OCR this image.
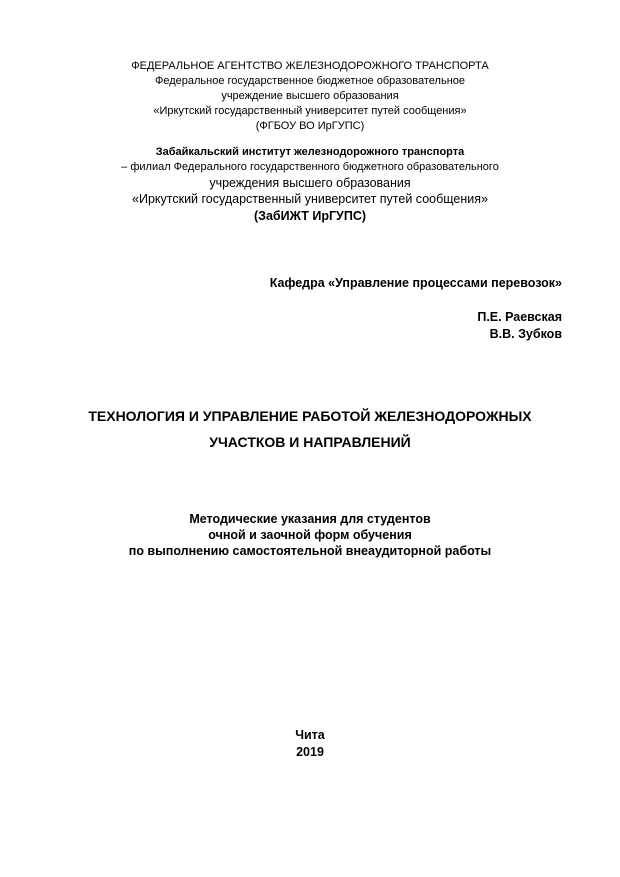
ФЕДЕРАЛЬНОЕ АГЕНТСТВО ЖЕЛЕЗНОДОРОЖНОГО ТРАНСПОРТА
Федеральное государственное бюджетное образовательное
учреждение высшего образования
«Иркутский государственный университет путей сообщения»
(ФГБОУ ВО ИрГУПС)
Забайкальский институт железнодорожного транспорта
– филиал Федерального государственного бюджетного образовательного
учреждения высшего образования
«Иркутский государственный университет путей сообщения»
(ЗабИЖТ ИрГУПС)
Кафедра «Управление процессами перевозок»
П.Е. Раевская
В.В. Зубков
ТЕХНОЛОГИЯ И УПРАВЛЕНИЕ РАБОТОЙ ЖЕЛЕЗНОДОРОЖНЫХ
УЧАСТКОВ И НАПРАВЛЕНИЙ
Методические указания для студентов
очной и заочной форм обучения
по выполнению самостоятельной внеаудиторной работы
Чита
2019
